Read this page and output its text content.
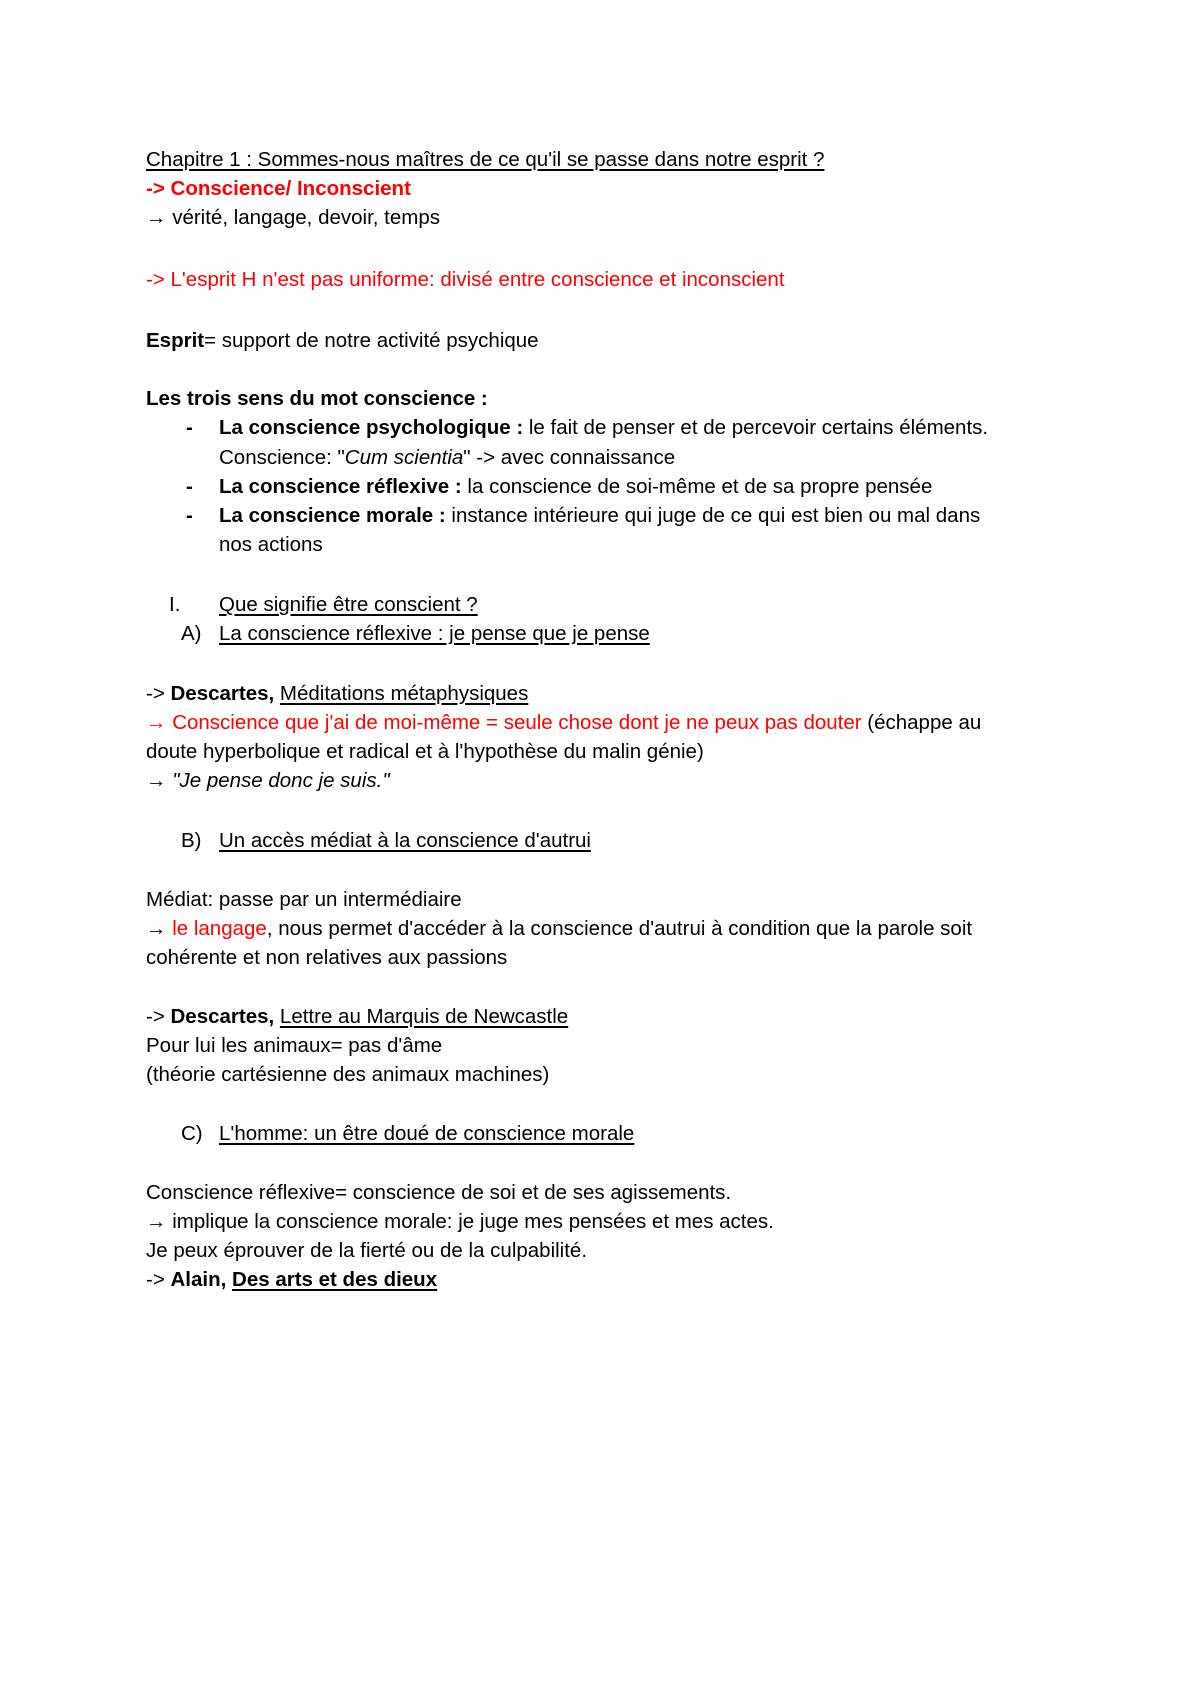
Chapitre 1 : Sommes-nous maîtres de ce qu'il se passe dans notre esprit ?
-> Conscience/ Inconscient
→ vérité, langage, devoir, temps
-> L'esprit H n'est pas uniforme: divisé entre conscience et inconscient
Esprit= support de notre activité psychique
Les trois sens du mot conscience :
- La conscience psychologique : le fait de penser et de percevoir certains éléments.
Conscience: "Cum scientia" -> avec connaissance
- La conscience réflexive : la conscience de soi-même et de sa propre pensée
- La conscience morale : instance intérieure qui juge de ce qui est bien ou mal dans
nos actions
I. Que signifie être conscient ?
A) La conscience réflexive : je pense que je pense
-> Descartes, Méditations métaphysiques
→ Conscience que j'ai de moi-même = seule chose dont je ne peux pas douter (échappe au
doute hyperbolique et radical et à l'hypothèse du malin génie)
→ "Je pense donc je suis."
B) Un accès médiat à la conscience d'autrui
Médiat: passe par un intermédiaire
→ le langage, nous permet d'accéder à la conscience d'autrui à condition que la parole soit
cohérente et non relatives aux passions
-> Descartes, Lettre au Marquis de Newcastle
Pour lui les animaux= pas d'âme
(théorie cartésienne des animaux machines)
C) L'homme: un être doué de conscience morale
Conscience réflexive= conscience de soi et de ses agissements.
→ implique la conscience morale: je juge mes pensées et mes actes.
Je peux éprouver de la fierté ou de la culpabilité.
-> Alain, Des arts et des dieux
